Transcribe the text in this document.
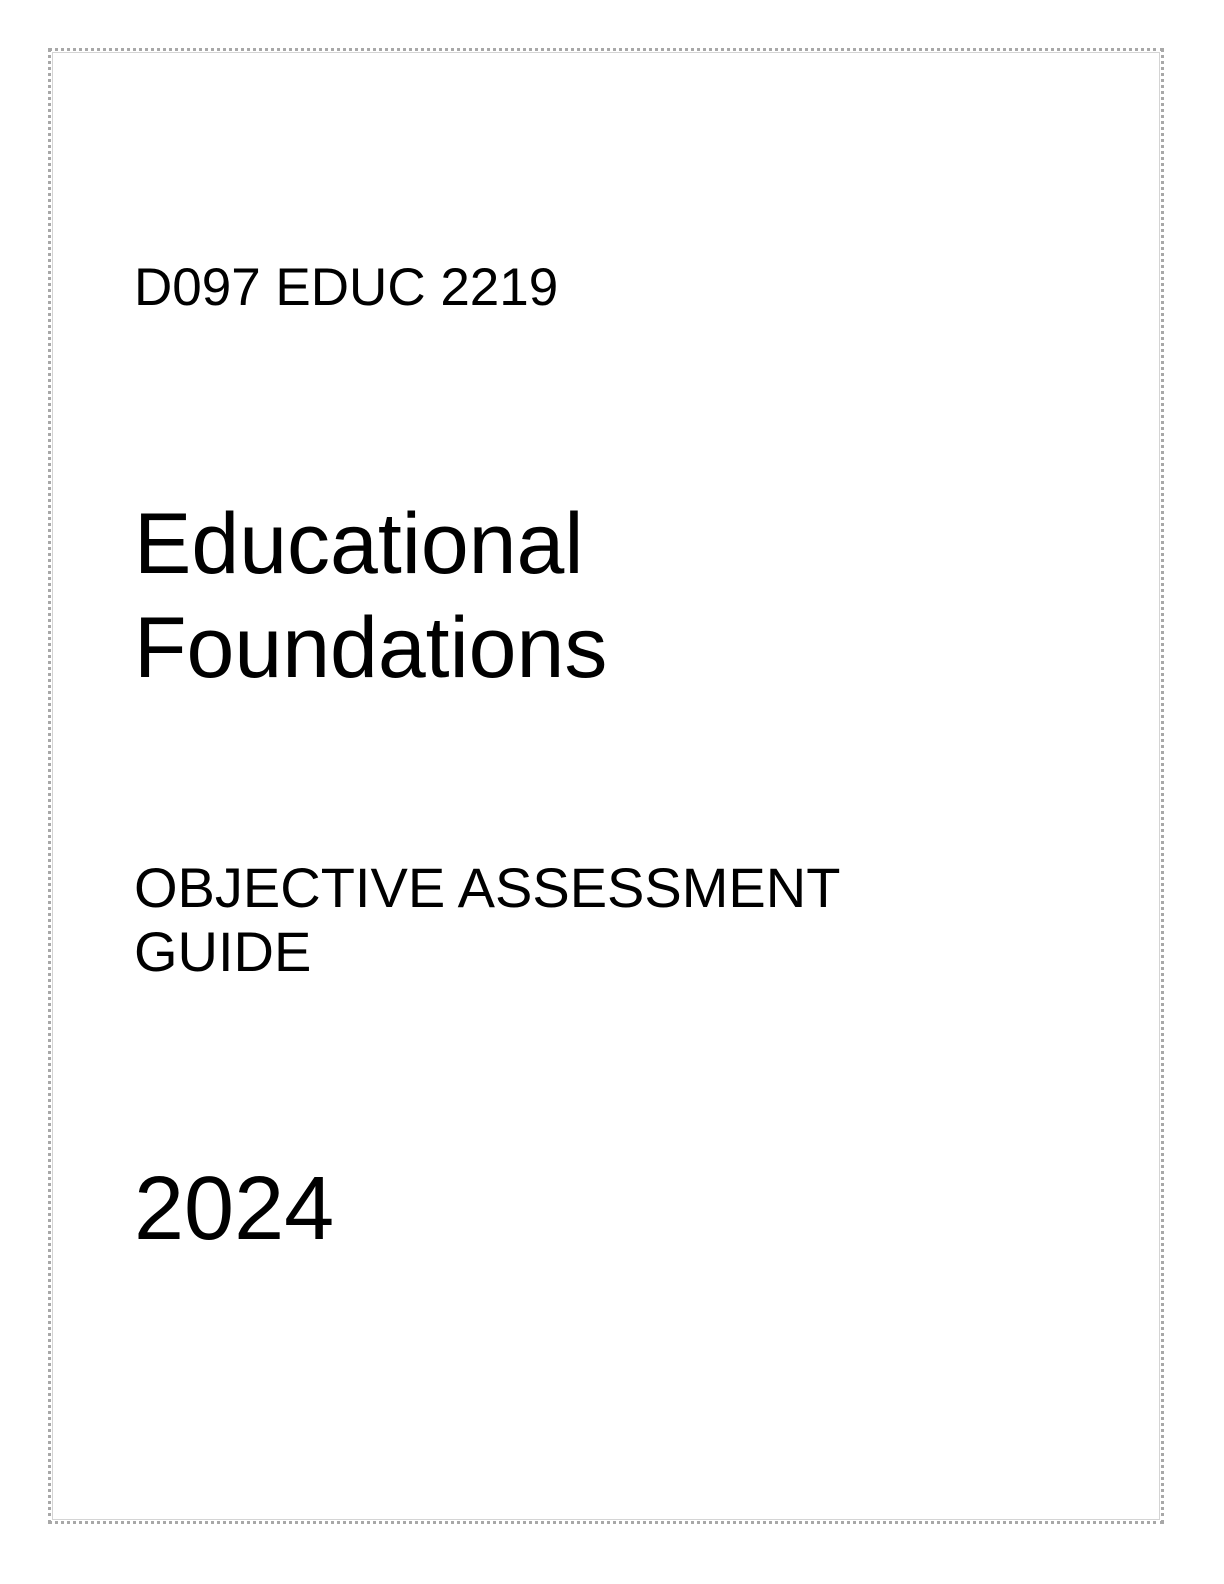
D097 EDUC 2219
Educational
Foundations
OBJECTIVE ASSESSMENT
GUIDE
2024
